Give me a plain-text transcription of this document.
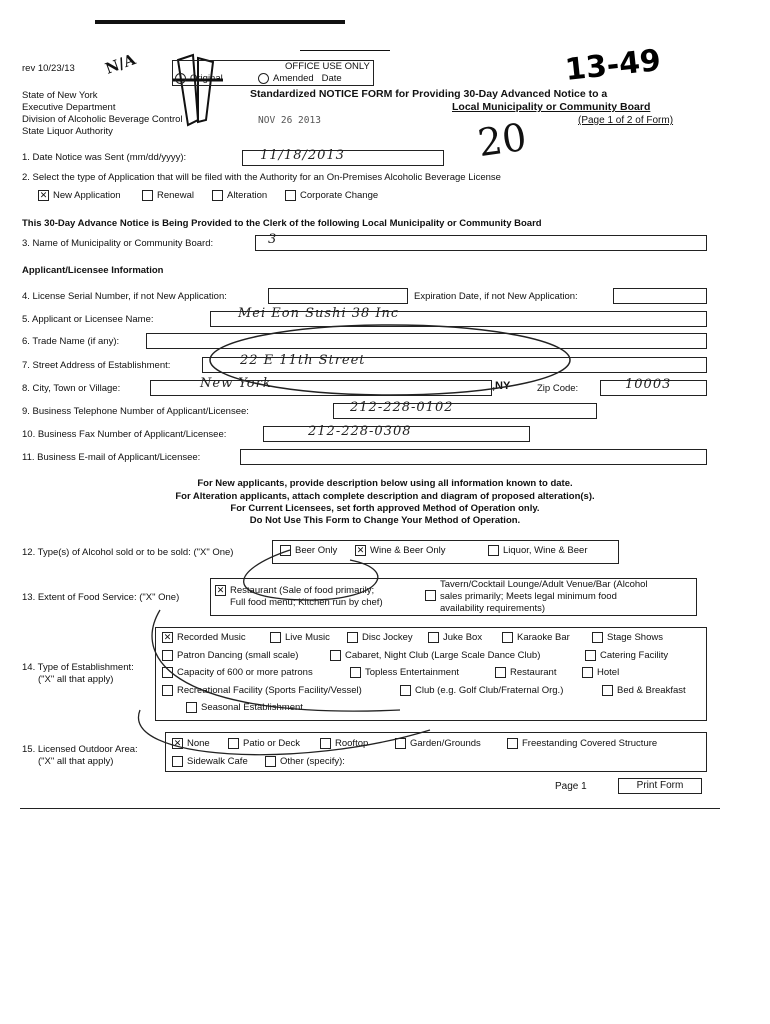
rev 10/23/13 N/A
State of New York
Executive Department
Division of Alcoholic Beverage Control
State Liquor Authority
OFFICE USE ONLY
Original	Amended Date
Standardized NOTICE FORM for Providing 30-Day Advanced Notice to a
Local Municipality or Community Board
(Page 1 of 2 of Form)
NOV 26 2013
13-49
20
1. Date Notice was Sent (mm/dd/yyyy):	11/18/2013
2. Select the type of Application that will be filed with the Authority for an On-Premises Alcoholic Beverage License
✕ New Application	Renewal	Alteration	Corporate Change
This 30-Day Advance Notice is Being Provided to the Clerk of the following Local Municipality or Community Board
3. Name of Municipality or Community Board:	3
Applicant/Licensee Information
4. License Serial Number, if not New Application:	Expiration Date, if not New Application:
5. Applicant or Licensee Name:	Mei Eon Sushi 38 Inc
6. Trade Name (if any):
7. Street Address of Establishment:	22 E 11th Street
8. City, Town or Village:	New York	,NY	Zip Code:	10003
9. Business Telephone Number of Applicant/Licensee:	212-228-0102
10. Business Fax Number of Applicant/Licensee:	212-228-0308
11. Business E-mail of Applicant/Licensee:
For New applicants, provide description below using all information known to date.
For Alteration applicants, attach complete description and diagram of proposed alteration(s).
For Current Licensees, set forth approved Method of Operation only.
Do Not Use This Form to Change Your Method of Operation.
12. Type(s) of Alcohol sold or to be sold: ("X" One)	Beer Only ✕ Wine & Beer Only	Liquor, Wine & Beer
13. Extent of Food Service: ("X" One)
✕ Restaurant (Sale of food primarily;
Full food menu; Kitchen run by chef)
Tavern/Cocktail Lounge/Adult Venue/Bar (Alcohol
sales primarily; Meets legal minimum food
availability requirements)
14. Type of Establishment:
("X" all that apply)
✕ Recorded Music	Live Music	Disc Jockey	Juke Box	Karaoke Bar	Stage Shows
Patron Dancing (small scale)	Cabaret, Night Club (Large Scale Dance Club)	Catering Facility
Capacity of 600 or more patrons	Topless Entertainment	Restaurant	Hotel
Recreational Facility (Sports Facility/Vessel)	Club (e.g. Golf Club/Fraternal Org.)	Bed & Breakfast
Seasonal Establishment
15. Licensed Outdoor Area:
("X" all that apply)
✕ None	Patio or Deck	Rooftop	Garden/Grounds	Freestanding Covered Structure
Sidewalk Cafe	Other (specify):
Page 1	Print Form
